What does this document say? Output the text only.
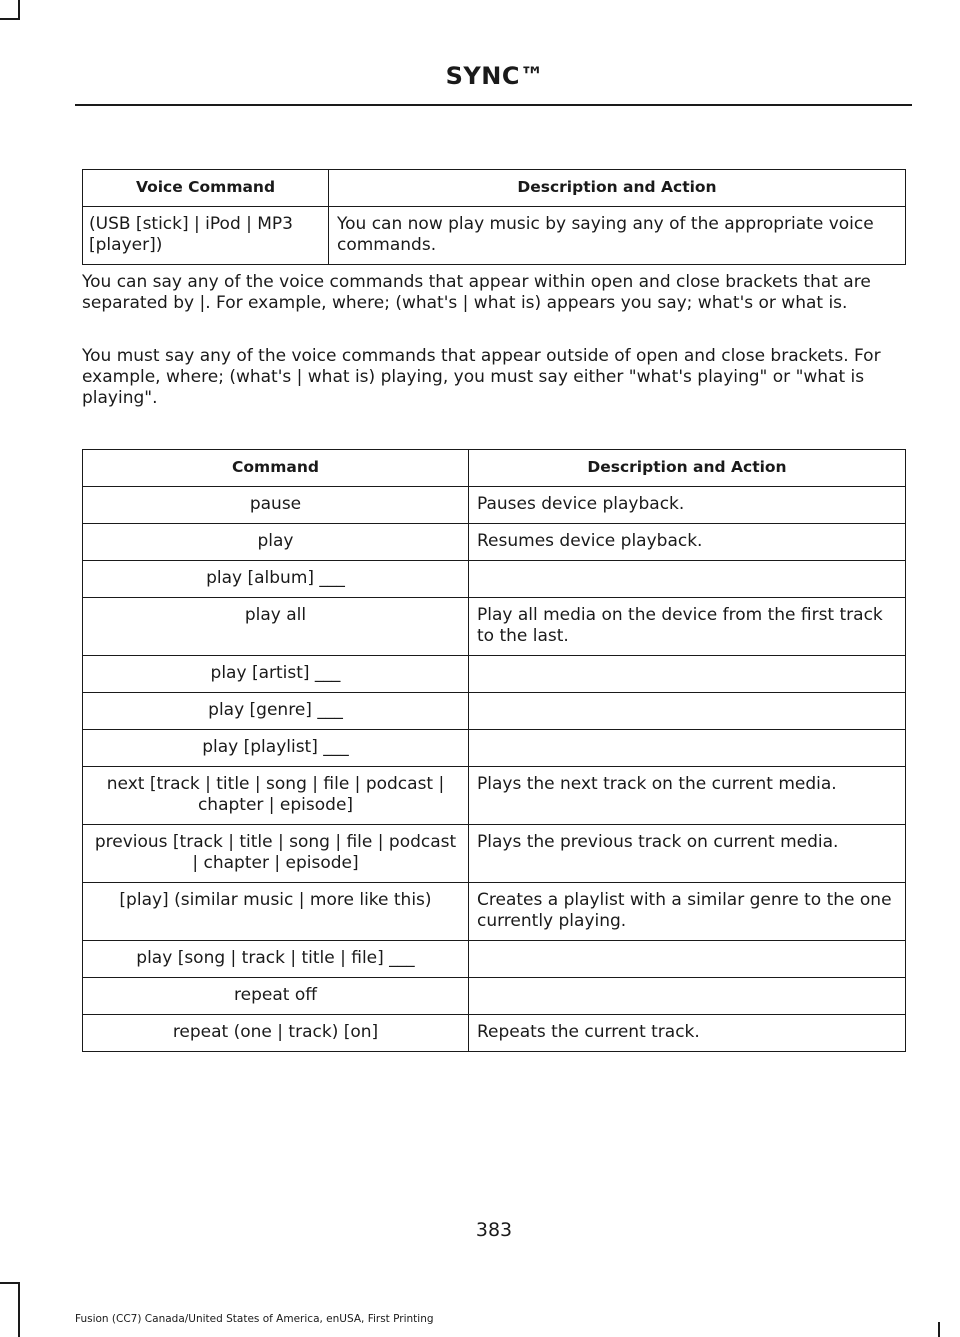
SYNC™
Voice Command	Description and Action
(USB [stick] | iPod | MP3 [player])	You can now play music by saying any of the appropriate voice commands.

You can say any of the voice commands that appear within open and close brackets that are separated by |. For example, where; (what's | what is) appears you say; what's or what is.

You must say any of the voice commands that appear outside of open and close brackets. For example, where; (what's | what is) playing, you must say either "what's playing" or "what is playing".

Command	Description and Action
pause	Pauses device playback.
play	Resumes device playback.
play [album] ___	
play all	Play all media on the device from the first track to the last.
play [artist] ___	
play [genre] ___	
play [playlist] ___	
next [track | title | song | file | podcast | chapter | episode]	Plays the next track on the current media.
previous [track | title | song | file | podcast | chapter | episode]	Plays the previous track on current media.
[play] (similar music | more like this)	Creates a playlist with a similar genre to the one currently playing.
play [song | track | title | file] ___	
repeat off	
repeat (one | track) [on]	Repeats the current track.
383
Fusion (CC7) Canada/United States of America, enUSA, First Printing
